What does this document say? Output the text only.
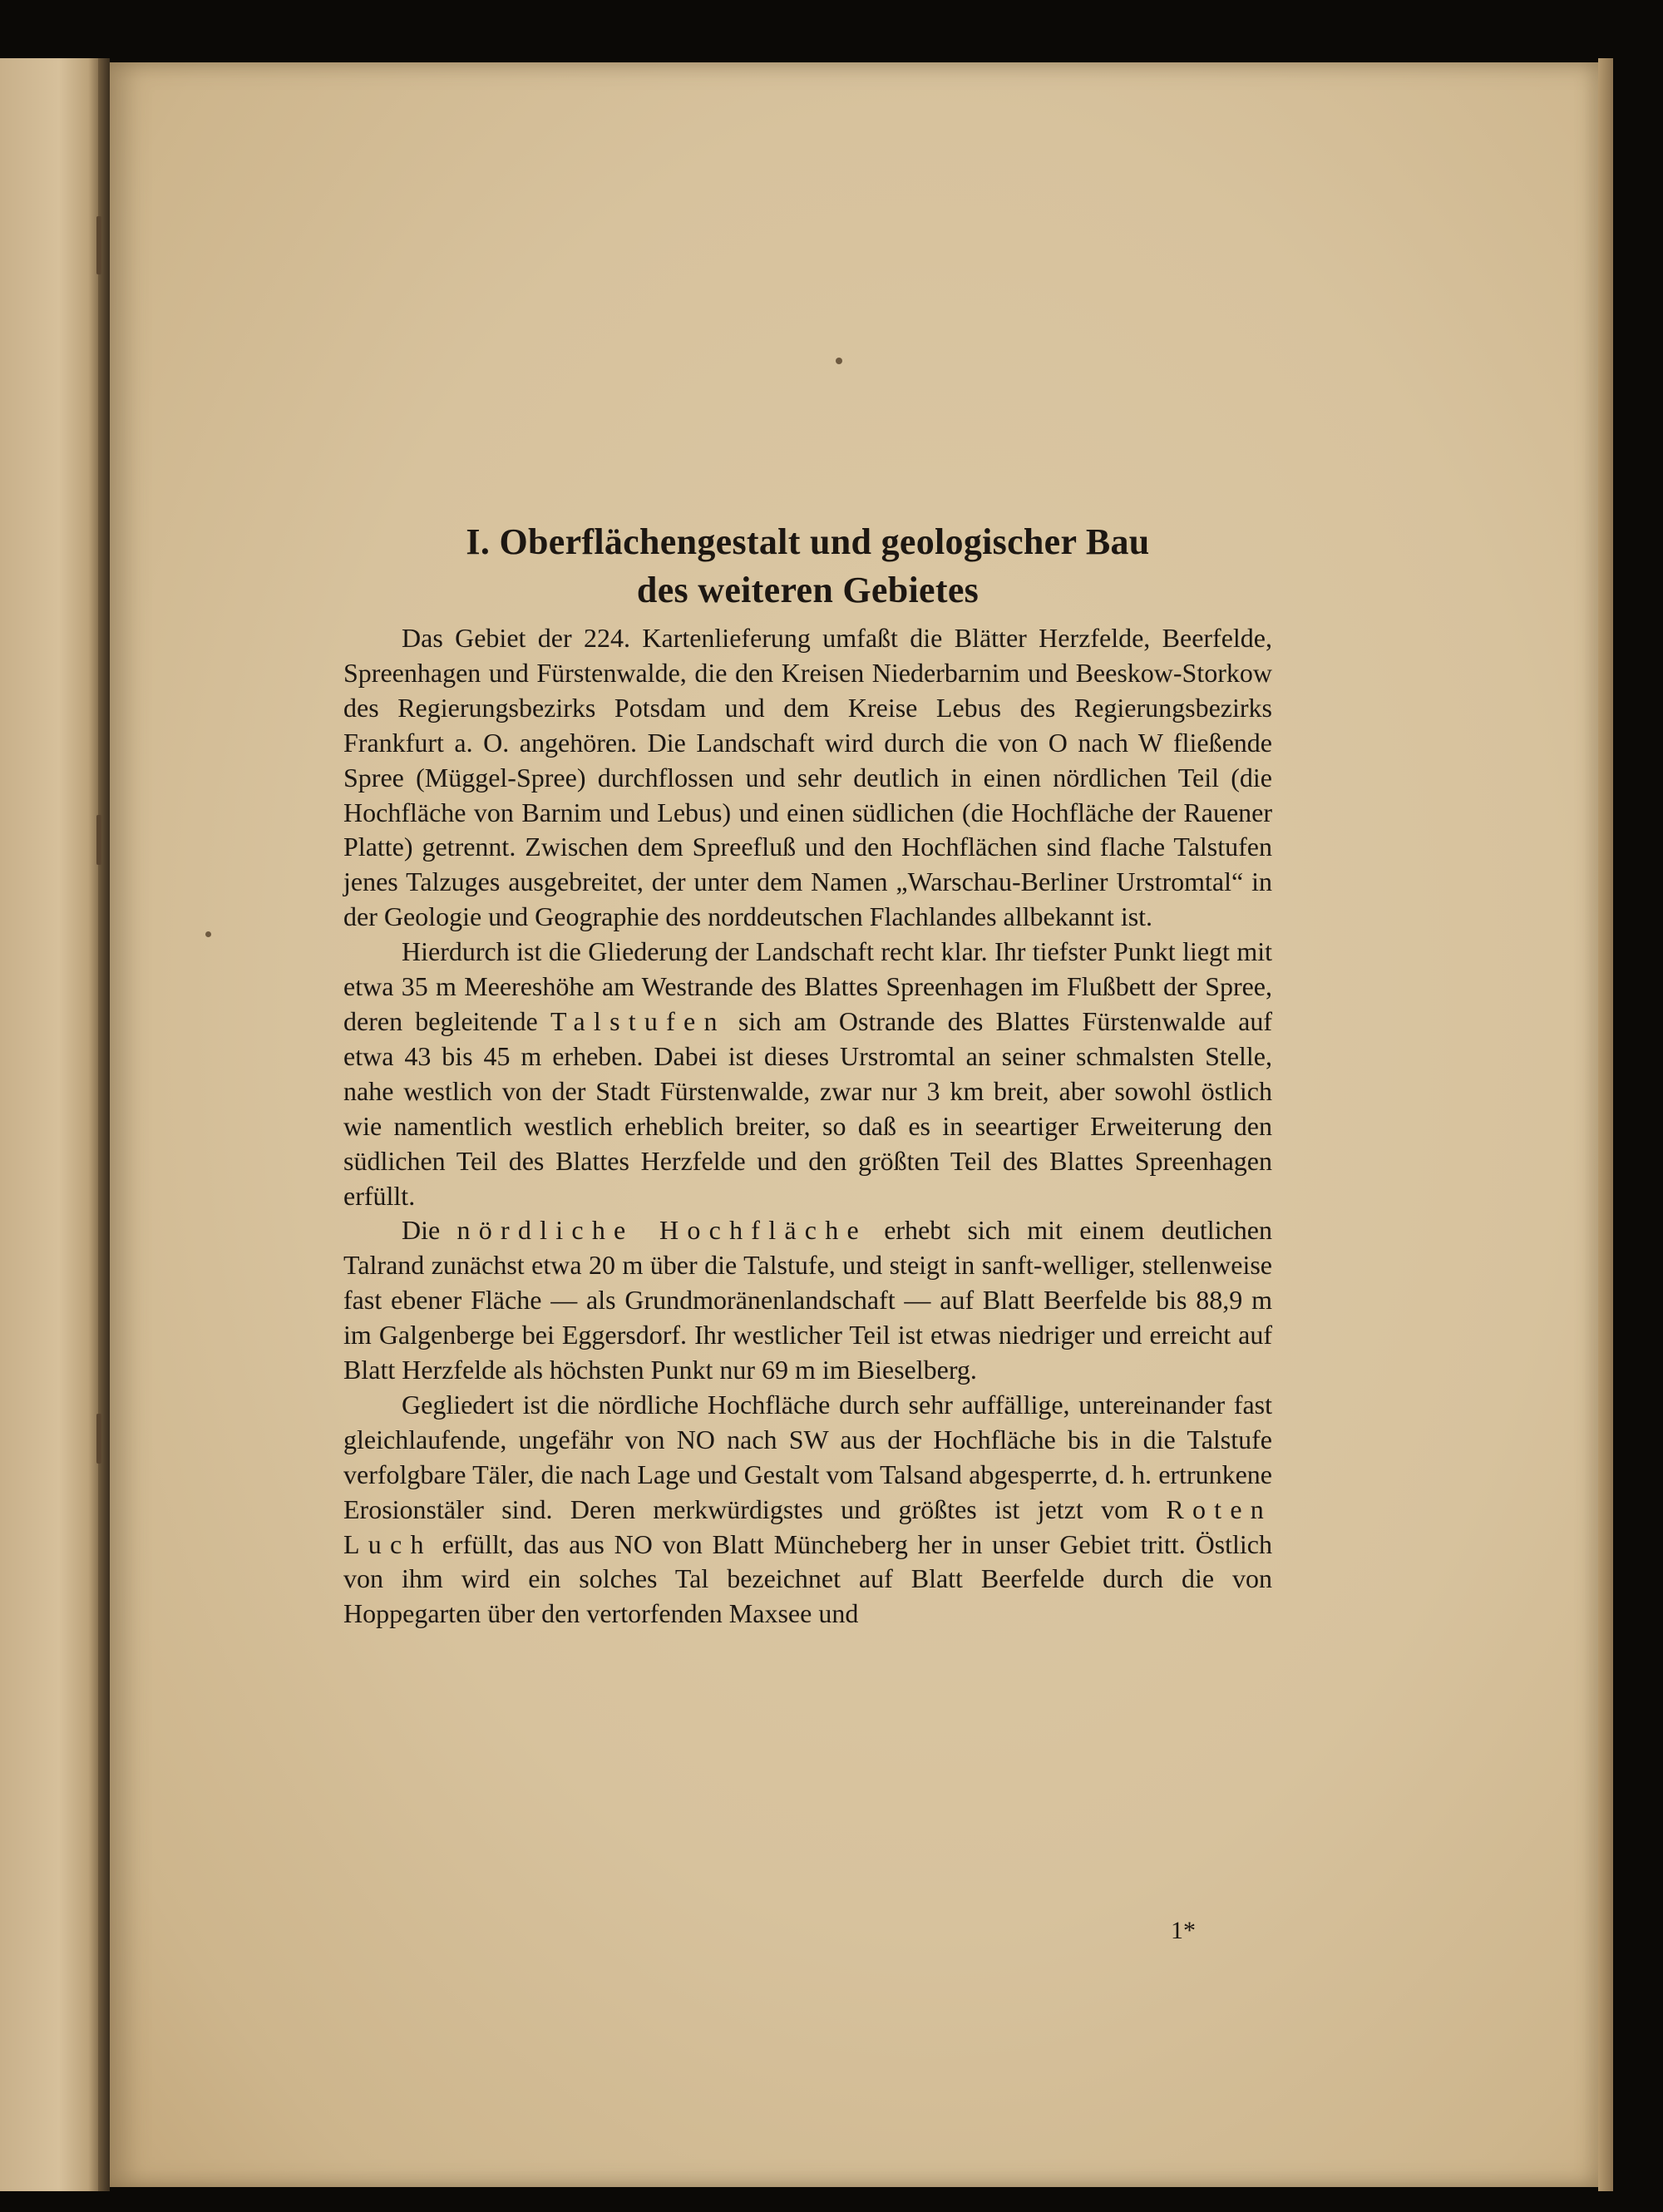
I. Oberflächengestalt und geologischer Bau
des weiteren Gebietes

Das Gebiet der 224. Kartenlieferung umfaßt die Blätter Herzfelde, Beerfelde, Spreenhagen und Fürstenwalde, die den Kreisen Niederbarnim und Beeskow-Storkow des Regierungsbezirks Potsdam und dem Kreise Lebus des Regierungsbezirks Frankfurt a. O. angehören. Die Landschaft wird durch die von O nach W fließende Spree (Müggel-Spree) durchflossen und sehr deutlich in einen nördlichen Teil (die Hochfläche von Barnim und Lebus) und einen südlichen (die Hochfläche der Rauener Platte) getrennt. Zwischen dem Spreefluß und den Hochflächen sind flache Talstufen jenes Talzuges ausgebreitet, der unter dem Namen „Warschau-Berliner Urstromtal“ in der Geologie und Geographie des norddeutschen Flachlandes allbekannt ist.

Hierdurch ist die Gliederung der Landschaft recht klar. Ihr tiefster Punkt liegt mit etwa 35 m Meereshöhe am Westrande des Blattes Spreenhagen im Flußbett der Spree, deren begleitende Talstufen sich am Ostrande des Blattes Fürstenwalde auf etwa 43 bis 45 m erheben. Dabei ist dieses Urstromtal an seiner schmalsten Stelle, nahe westlich von der Stadt Fürstenwalde, zwar nur 3 km breit, aber sowohl östlich wie namentlich westlich erheblich breiter, so daß es in seeartiger Erweiterung den südlichen Teil des Blattes Herzfelde und den größten Teil des Blattes Spreenhagen erfüllt.

Die nördliche Hochfläche erhebt sich mit einem deutlichen Talrand zunächst etwa 20 m über die Talstufe, und steigt in sanft-welliger, stellenweise fast ebener Fläche — als Grundmoränenlandschaft — auf Blatt Beerfelde bis 88,9 m im Galgenberge bei Eggersdorf. Ihr westlicher Teil ist etwas niedriger und erreicht auf Blatt Herzfelde als höchsten Punkt nur 69 m im Bieselberg.

Gegliedert ist die nördliche Hochfläche durch sehr auffällige, untereinander fast gleichlaufende, ungefähr von NO nach SW aus der Hochfläche bis in die Talstufe verfolgbare Täler, die nach Lage und Gestalt vom Talsand abgesperrte, d. h. ertrunkene Erosionstäler sind. Deren merkwürdigstes und größtes ist jetzt vom Roten Luch erfüllt, das aus NO von Blatt Müncheberg her in unser Gebiet tritt. Östlich von ihm wird ein solches Tal bezeichnet auf Blatt Beerfelde durch die von Hoppegarten über den vertorfenden Maxsee und

1*
